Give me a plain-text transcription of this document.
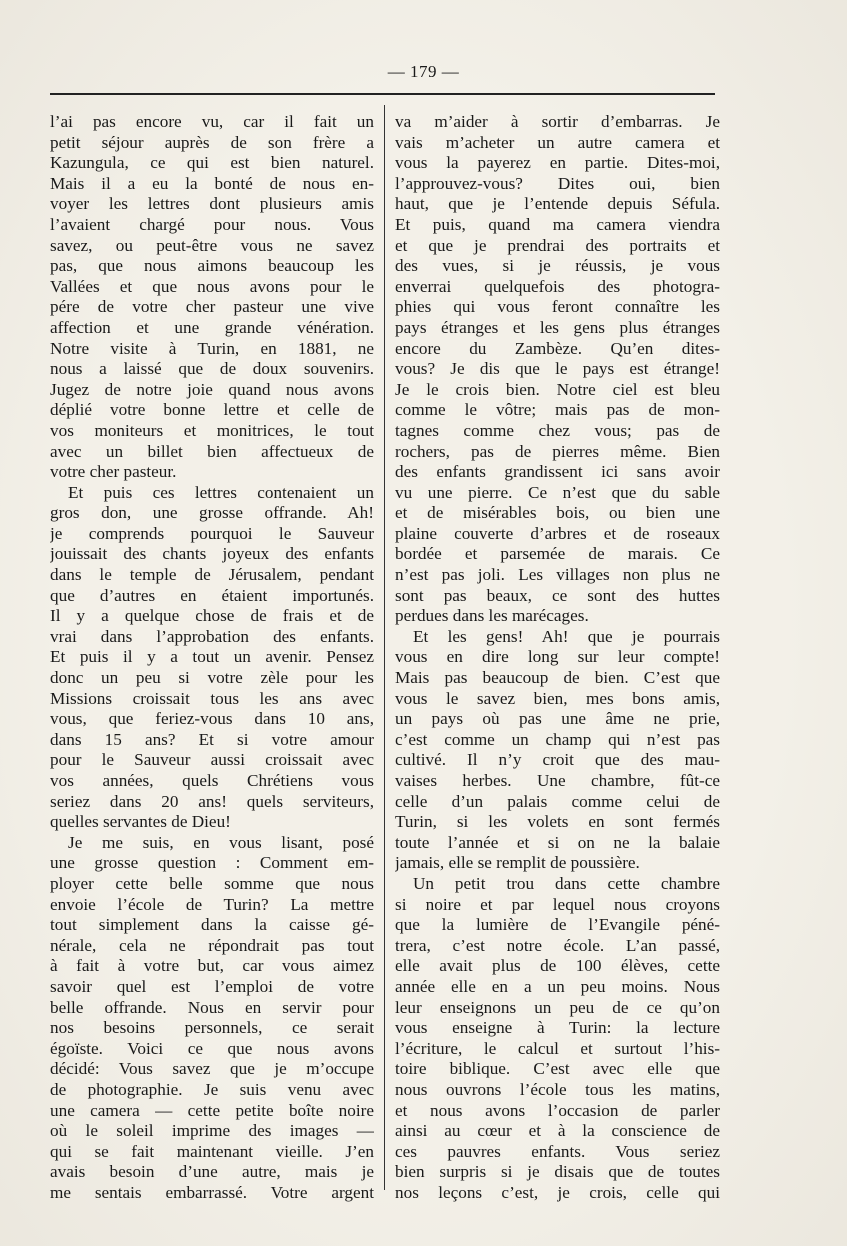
— 179 —
l’ai pas encore vu, car il fait un
petit séjour auprès de son frère a
Kazungula, ce qui est bien naturel.
Mais il a eu la bonté de nous en-
voyer les lettres dont plusieurs amis
l’avaient chargé pour nous. Vous
savez, ou peut-être vous ne savez
pas, que nous aimons beaucoup les
Vallées et que nous avons pour le
pére de votre cher pasteur une vive
affection et une grande vénération.
Notre visite à Turin, en 1881, ne
nous a laissé que de doux souvenirs.
Jugez de notre joie quand nous avons
déplié votre bonne lettre et celle de
vos moniteurs et monitrices, le tout
avec un billet bien affectueux de
votre cher pasteur.
Et puis ces lettres contenaient un
gros don, une grosse offrande. Ah!
je comprends pourquoi le Sauveur
jouissait des chants joyeux des enfants
dans le temple de Jérusalem, pendant
que d’autres en étaient importunés.
Il y a quelque chose de frais et de
vrai dans l’approbation des enfants.
Et puis il y a tout un avenir. Pensez
donc un peu si votre zèle pour les
Missions croissait tous les ans avec
vous, que feriez-vous dans 10 ans,
dans 15 ans? Et si votre amour
pour le Sauveur aussi croissait avec
vos années, quels Chrétiens vous
seriez dans 20 ans! quels serviteurs,
quelles servantes de Dieu!
Je me suis, en vous lisant, posé
une grosse question : Comment em-
ployer cette belle somme que nous
envoie l’école de Turin? La mettre
tout simplement dans la caisse gé-
nérale, cela ne répondrait pas tout
à fait à votre but, car vous aimez
savoir quel est l’emploi de votre
belle offrande. Nous en servir pour
nos besoins personnels, ce serait
égoïste. Voici ce que nous avons
décidé: Vous savez que je m’occupe
de photographie. Je suis venu avec
une camera — cette petite boîte noire
où le soleil imprime des images —
qui se fait maintenant vieille. J’en
avais besoin d’une autre, mais je
me sentais embarrassé. Votre argent
va m’aider à sortir d’embarras. Je
vais m’acheter un autre camera et
vous la payerez en partie. Dites-moi,
l’approuvez-vous? Dites oui, bien
haut, que je l’entende depuis Séfula.
Et puis, quand ma camera viendra
et que je prendrai des portraits et
des vues, si je réussis, je vous
enverrai quelquefois des photogra-
phies qui vous feront connaître les
pays étranges et les gens plus étranges
encore du Zambèze. Qu’en dites-
vous? Je dis que le pays est étrange!
Je le crois bien. Notre ciel est bleu
comme le vôtre; mais pas de mon-
tagnes comme chez vous; pas de
rochers, pas de pierres même. Bien
des enfants grandissent ici sans avoir
vu une pierre. Ce n’est que du sable
et de misérables bois, ou bien une
plaine couverte d’arbres et de roseaux
bordée et parsemée de marais. Ce
n’est pas joli. Les villages non plus ne
sont pas beaux, ce sont des huttes
perdues dans les marécages.
Et les gens! Ah! que je pourrais
vous en dire long sur leur compte!
Mais pas beaucoup de bien. C’est que
vous le savez bien, mes bons amis,
un pays où pas une âme ne prie,
c’est comme un champ qui n’est pas
cultivé. Il n’y croit que des mau-
vaises herbes. Une chambre, fût-ce
celle d’un palais comme celui de
Turin, si les volets en sont fermés
toute l’année et si on ne la balaie
jamais, elle se remplit de poussière.
Un petit trou dans cette chambre
si noire et par lequel nous croyons
que la lumière de l’Evangile péné-
trera, c’est notre école. L’an passé,
elle avait plus de 100 élèves, cette
année elle en a un peu moins. Nous
leur enseignons un peu de ce qu’on
vous enseigne à Turin: la lecture
l’écriture, le calcul et surtout l’his-
toire biblique. C’est avec elle que
nous ouvrons l’école tous les matins,
et nous avons l’occasion de parler
ainsi au cœur et à la conscience de
ces pauvres enfants. Vous seriez
bien surpris si je disais que de toutes
nos leçons c’est, je crois, celle qui
